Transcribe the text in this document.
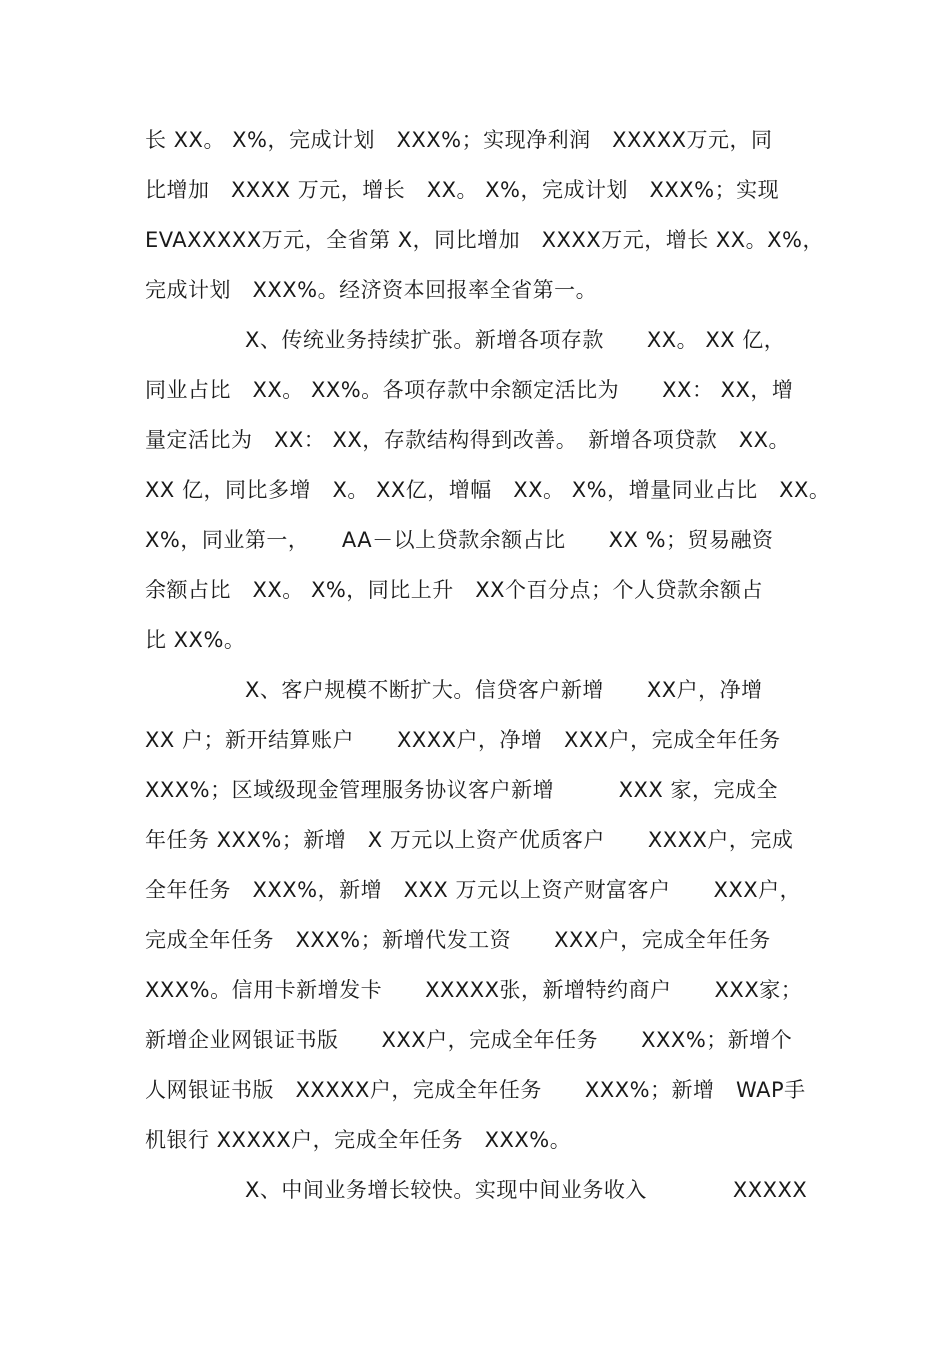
长 XX。 X%，完成计划　XXX%；实现净利润　XXXXX万元，同
比增加　XXXX 万元，增长　XX。 X%，完成计划　XXX%；实现
EVAXXXXX万元，全省第 X，同比增加　XXXX万元，增长 XX。X%，
完成计划　XXX%。经济资本回报率全省第一。
X、传统业务持续扩张。新增各项存款　　XX。 XX 亿，
同业占比　XX。 XX%。各项存款中余额定活比为　　XX： XX，增
量定活比为　XX： XX，存款结构得到改善。　新增各项贷款　XX。
XX 亿，同比多增　X。 XX亿，增幅　XX。 X%，增量同业占比　XX。
X%，同业第一，　　AA－以上贷款余额占比　　XX %；贸易融资
余额占比　XX。 X%，同比上升　XX个百分点；个人贷款余额占
比 XX%。
X、客户规模不断扩大。信贷客户新增　　XX户，净增
XX 户；新开结算账户　　XXXX户，净增　XXX户，完成全年任务
XXX%；区域级现金管理服务协议客户新增　　　XXX 家，完成全
年任务 XXX%；新增　X 万元以上资产优质客户　　XXXX户，完成
全年任务　XXX%，新增　XXX 万元以上资产财富客户　　XXX户，
完成全年任务　XXX%；新增代发工资　　XXX户，完成全年任务
XXX%。信用卡新增发卡　　XXXXX张，新增特约商户　　XXX家；
新增企业网银证书版　　XXX户，完成全年任务　　XXX%；新增个
人网银证书版　XXXXX户，完成全年任务　　XXX%；新增　WAP手
机银行 XXXXX户，完成全年任务　XXX%。
X、中间业务增长较快。实现中间业务收入　　　　XXXXX
